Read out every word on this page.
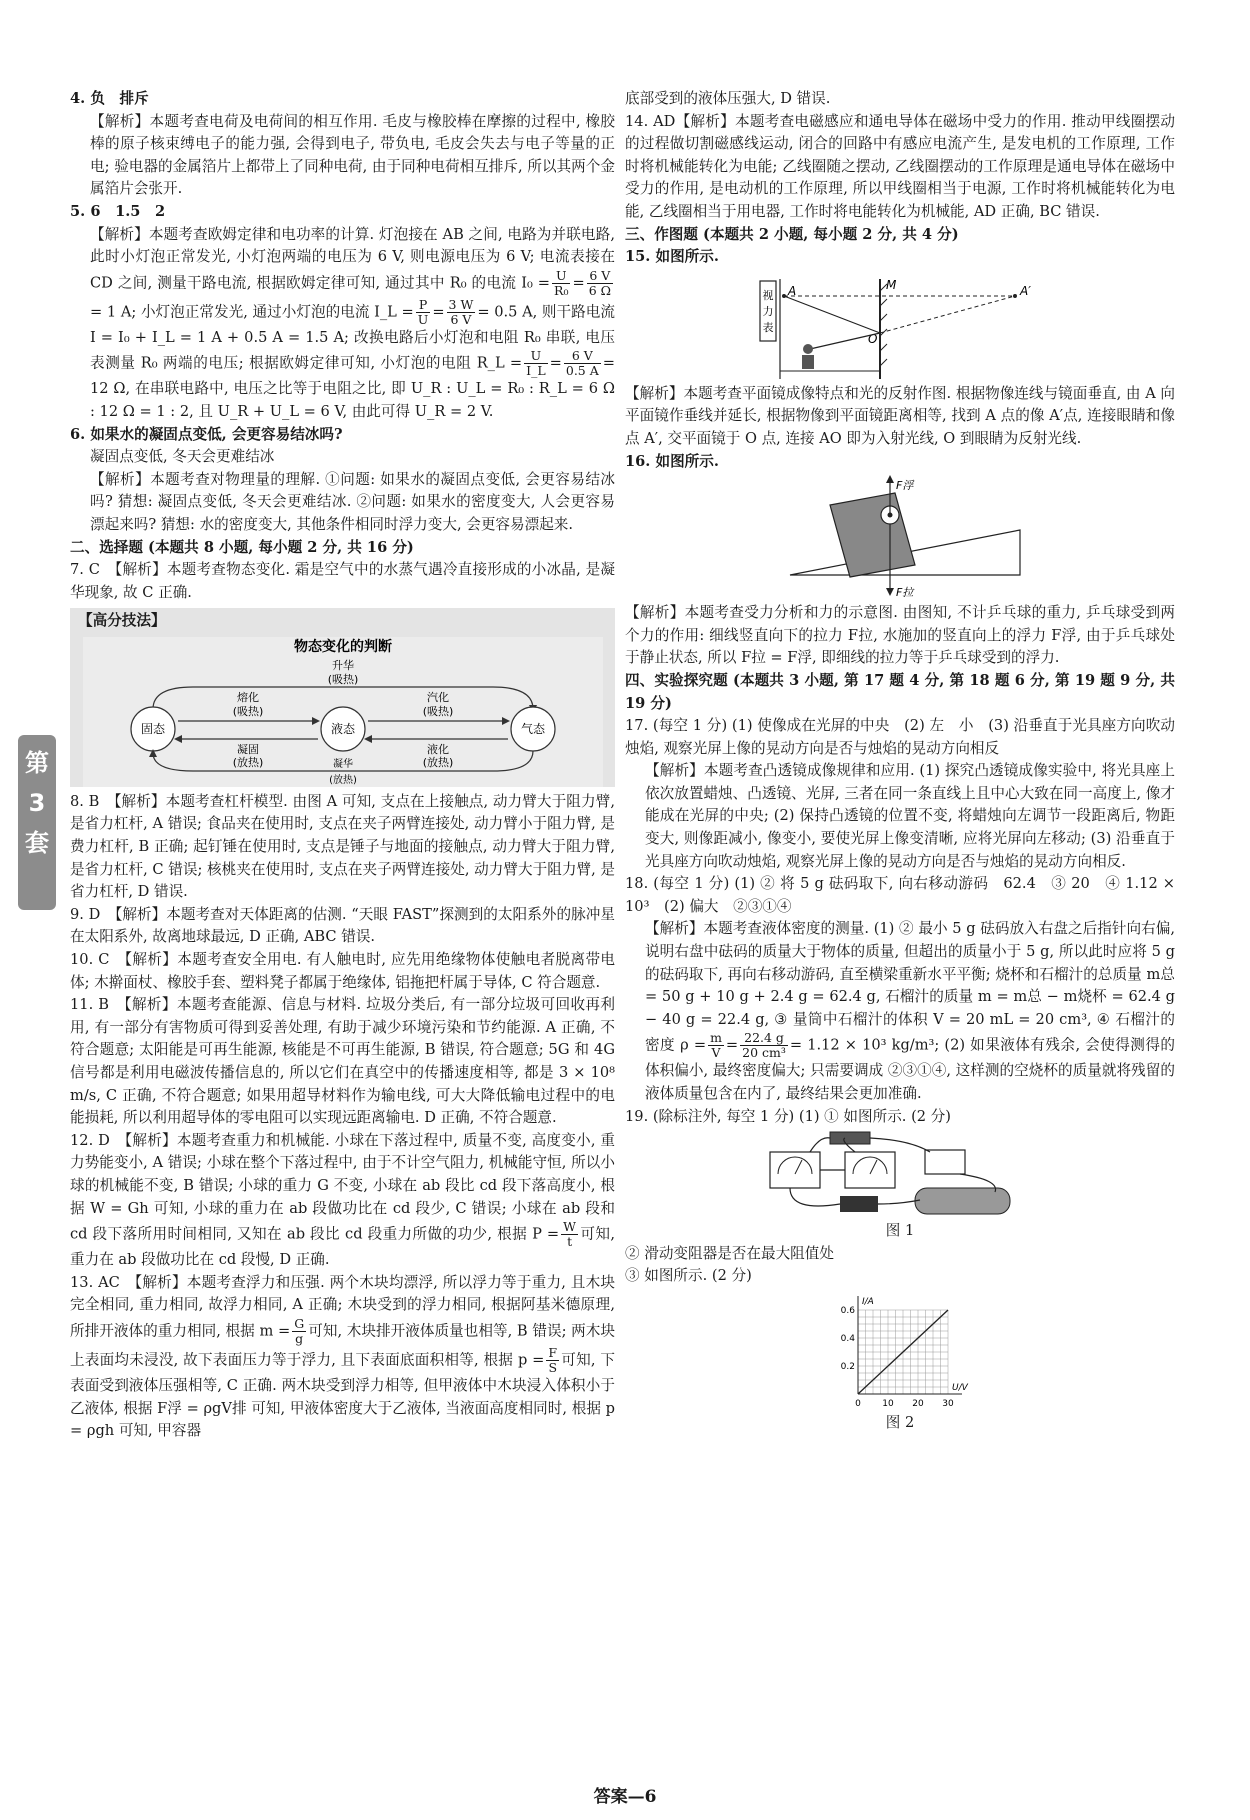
第
3
套

4. 负　排斥

【解析】本题考查电荷及电荷间的相互作用. 毛皮与橡胶棒在摩擦的过程中, 橡胶棒的原子核束缚电子的能力强, 会得到电子, 带负电, 毛皮会失去与电子等量的正电; 验电器的金属箔片上都带上了同种电荷, 由于同种电荷相互排斥, 所以其两个金属箔片会张开.

5. 6　1.5　2

【解析】本题考查欧姆定律和电功率的计算. 灯泡接在 AB 之间, 电路为并联电路, 此时小灯泡正常发光, 小灯泡两端的电压为 6 V, 则电源电压为 6 V; 电流表接在 CD 之间, 测量干路电流, 根据欧姆定律可知, 通过其中 R₀ 的电流 $I_0 = \frac{U}{\text{R₀}} = \frac{6 V}{6 \Omega}$
= 1 A; 小灯泡正常发光, 通过小灯泡的电流 I_L = $\frac{P}{U} = \frac{3 W}{6 V} = 0.5$ A, 则干路电流 I = I₀ + I_L = 1 A + 0.5 A = 1.5 A; 改换电路后小灯泡和电阻 R₀ 串联, 电压表测量 R₀ 两端的电压; 根据欧姆定律可知, 小灯泡的电阻 R_L = $\frac{U}{I\_L} = \frac{6 V}{0.5 A} = 12$ Ω, 在串联电路中, 电压之比等于电阻之比, 即 U_R : U_L = R₀ : R_L = 6 Ω : 12 Ω = 1 : 2, 且 U_R + U_L = 6 V, 由此可得 U_R = 2 V.

6. 如果水的凝固点变低, 会更容易结冰吗?

凝固点变低, 冬天会更难结冰

【解析】本题考查对物理量的理解. ①问题: 如果水的凝固点变低, 会更容易结冰吗? 猜想: 凝固点变低, 冬天会更难结冰. ②问题: 如果水的密度变大, 人会更容易漂起来吗? 猜想: 水的密度变大, 其他条件相同时浮力变大, 会更容易漂起来.

二、选择题 (本题共 8 小题, 每小题 2 分, 共 16 分)

7. C　【解析】本题考查物态变化. 霜是空气中的水蒸气遇冷直接形成的小冰晶, 是凝华现象, 故 C 正确.

【高分技法】
物态变化的判断
升华
(吸热)
固态	液态	气态
熔化
(吸热)
汽化
(吸热)
凝固
(放热)
液化
(放热)
凝华
(放热)

8. B　【解析】本题考查杠杆模型. 由图 A 可知, 支点在上接触点, 动力臂大于阻力臂, 是省力杠杆, A 错误; 食品夹在使用时, 支点在夹子两臂连接处, 动力臂小于阻力臂, 是费力杠杆, B 正确; 起钉锤在使用时, 支点是锤子与地面的接触点, 动力臂大于阻力臂, 是省力杠杆, C 错误; 核桃夹在使用时, 支点在夹子两臂连接处, 动力臂大于阻力臂, 是省力杠杆, D 错误.

9. D　【解析】本题考查对天体距离的估测. “天眼 FAST”探测到的太阳系外的脉冲星在太阳系外, 故离地球最远, D 正确, ABC 错误.

10. C　【解析】本题考查安全用电. 有人触电时, 应先用绝缘物体使触电者脱离带电体; 木擀面杖、橡胶手套、塑料凳子都属于绝缘体, 铝拖把杆属于导体, C 符合题意.

11. B　【解析】本题考查能源、信息与材料. 垃圾分类后, 有一部分垃圾可回收再利用, 有一部分有害物质可得到妥善处理, 有助于减少环境污染和节约能源. A 正确, 不符合题意; 太阳能是可再生能源, 核能是不可再生能源, B 错误, 符合题意; 5G 和 4G 信号都是利用电磁波传播信息的, 所以它们在真空中的传播速度相等, 都是 3 × 10⁸ m/s, C 正确, 不符合题意; 如果用超导材料作为输电线, 可大大降低输电过程中的电能损耗, 所以利用超导体的零电阻可以实现远距离输电. D 正确, 不符合题意.

12. D　【解析】本题考查重力和机械能. 小球在下落过程中, 质量不变, 高度变小, 重力势能变小, A 错误; 小球在整个下落过程中, 由于不计空气阻力, 机械能守恒, 所以小球的机械能不变, B 错误; 小球的重力 G 不变, 小球在 ab 段比 cd 段下落高度小, 根据 W = Gh 可知, 小球的重力在 ab 段做功比在 cd 段少, C 错误; 小球在 ab 段和 cd 段下落所用时间相同, 又知在 ab 段比 cd 段重力所做的功少, 根据 $P = \frac{W}{t}$ 可知, 重力在 ab 段做功比在 cd 段慢, D 正确.

13. AC　【解析】本题考查浮力和压强. 两个木块均漂浮, 所以浮力等于重力, 且木块完全相同, 重力相同, 故浮力相同, A 正确; 木块受到的浮力相同, 根据阿基米德原理, 所排开液体的重力相同, 根据 $m = \frac{G}{g}$ 可知, 木块排开液体质量也相等, B 错误; 两木块上表面均未浸没, 故下表面压力等于浮力, 且下表面底面积相等, 根据 $p = \frac{F}{S}$ 可知, 下表面受到液体压强相等, C 正确. 两木块受到浮力相等, 但甲液体中木块浸入体积小于乙液体, 根据 F浮 = ρgV排 可知, 甲液体密度大于乙液体, 当液面高度相同时, 根据 p = ρgh 可知, 甲容器

底部受到的液体压强大, D 错误.

14. AD【解析】本题考查电磁感应和通电导体在磁场中受力的作用. 推动甲线圈摆动的过程做切割磁感线运动, 闭合的回路中有感应电流产生, 是发电机的工作原理, 工作时将机械能转化为电能; 乙线圈随之摆动, 乙线圈摆动的工作原理是通电导体在磁场中受力的作用, 是电动机的工作原理, 所以甲线圈相当于电源, 工作时将机械能转化为电能, 乙线圈相当于用电器, 工作时将电能转化为机械能, AD 正确, BC 错误.

三、作图题 (本题共 2 小题, 每小题 2 分, 共 4 分)

15. 如图所示.

视
力
表
A	M	A′
O

【解析】本题考查平面镜成像特点和光的反射作图. 根据物像连线与镜面垂直, 由 A 向平面镜作垂线并延长, 根据物像到平面镜距离相等, 找到 A 点的像 A′点, 连接眼睛和像点 A′, 交平面镜于 O 点, 连接 AO 即为入射光线, O 到眼睛为反射光线.

16. 如图所示.

F浮
F拉

【解析】本题考查受力分析和力的示意图. 由图知, 不计乒乓球的重力, 乒乓球受到两个力的作用: 细线竖直向下的拉力 F拉, 水施加的竖直向上的浮力 F浮, 由于乒乓球处于静止状态, 所以 F拉 = F浮, 即细线的拉力等于乒乓球受到的浮力.

四、实验探究题 (本题共 3 小题, 第 17 题 4 分, 第 18 题 6 分, 第 19 题 9 分, 共 19 分)

17. (每空 1 分) (1) 使像成在光屏的中央　(2) 左　小　(3) 沿垂直于光具座方向吹动烛焰, 观察光屏上像的晃动方向是否与烛焰的晃动方向相反

【解析】本题考查凸透镜成像规律和应用. (1) 探究凸透镜成像实验中, 将光具座上依次放置蜡烛、凸透镜、光屏, 三者在同一条直线上且中心大致在同一高度上, 像才能成在光屏的中央; (2) 保持凸透镜的位置不变, 将蜡烛向左调节一段距离后, 物距变大, 则像距减小, 像变小, 要使光屏上像变清晰, 应将光屏向左移动; (3) 沿垂直于光具座方向吹动烛焰, 观察光屏上像的晃动方向是否与烛焰的晃动方向相反.

18. (每空 1 分) (1) ② 将 5 g 砝码取下, 向右移动游码　62.4　③ 20　④ 1.12 × 10³　(2) 偏大　②③①④

【解析】本题考查液体密度的测量. (1) ② 最小 5 g 砝码放入右盘之后指针向右偏, 说明右盘中砝码的质量大于物体的质量, 但超出的质量小于 5 g, 所以此时应将 5 g 的砝码取下, 再向右移动游码, 直至横梁重新水平平衡; 烧杯和石榴汁的总质量 m总 = 50 g + 10 g + 2.4 g = 62.4 g, 石榴汁的质量 m = m总 − m烧杯 = 62.4 g − 40 g = 22.4 g, ③ 量筒中石榴汁的体积 V = 20 mL = 20 cm³, ④ 石榴汁的密度 $\rho = \frac{m}{V} = \frac{22.4 g}{\text{20 cm³}} = 1.12 \times 10^3$ kg/m³; (2) 如果液体有残余, 会使得测得的体积偏小, 最终密度偏大; 只需要调成 ②③①④, 这样测的空烧杯的质量就将残留的液体质量包含在内了, 最终结果会更加准确.

19. (除标注外, 每空 1 分) (1) ① 如图所示. (2 分)

图 1

② 滑动变阻器是否在最大阻值处

③ 如图所示. (2 分)

U/V
I/A
0 10 20 30
0.2
0.4
0.6

图 2

答案—6
